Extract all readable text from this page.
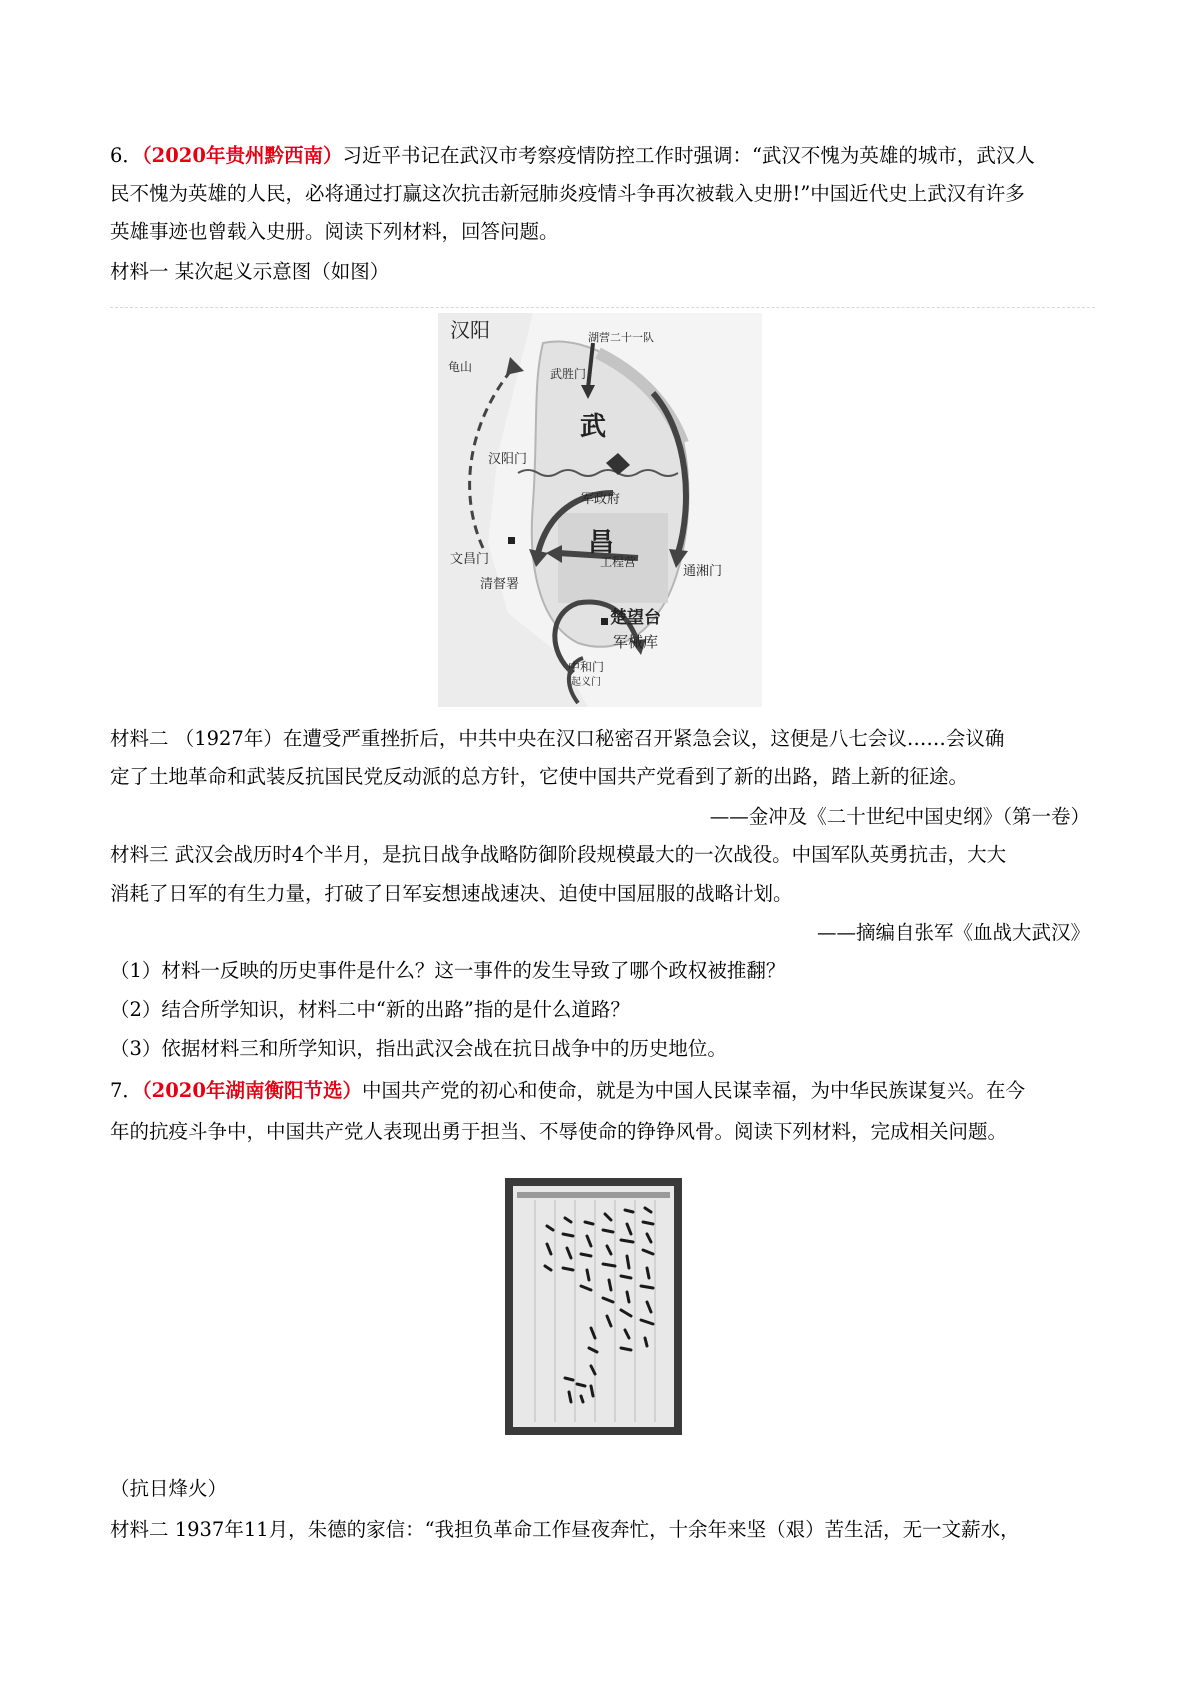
6．（2020年贵州黔西南）习近平书记在武汉市考察疫情防控工作时强调：“武汉不愧为英雄的城市，武汉人
民不愧为英雄的人民，必将通过打赢这次抗击新冠肺炎疫情斗争再次被载入史册!”中国近代史上武汉有许多
英雄事迹也曾载入史册。阅读下列材料，回答问题。
材料一 某次起义示意图（如图）
汉阳
龟山
湖营二十一队
武胜门
武
汉阳门
军政府
昌
文昌门	工程营
通湘门
清督署
楚望台
军械库
中和门
起义门
材料二 （1927年）在遭受严重挫折后，中共中央在汉口秘密召开紧急会议，这便是八七会议……会议确
定了土地革命和武装反抗国民党反动派的总方针，它使中国共产党看到了新的出路，踏上新的征途。
——金冲及《二十世纪中国史纲》（第一卷）
材料三 武汉会战历时4个半月，是抗日战争战略防御阶段规模最大的一次战役。中国军队英勇抗击，大大
消耗了日军的有生力量，打破了日军妄想速战速决、迫使中国屈服的战略计划。
——摘编自张军《血战大武汉》
（1）材料一反映的历史事件是什么？这一事件的发生导致了哪个政权被推翻？
（2）结合所学知识，材料二中“新的出路”指的是什么道路？
（3）依据材料三和所学知识，指出武汉会战在抗日战争中的历史地位。
7．（2020年湖南衡阳节选）中国共产党的初心和使命，就是为中国人民谋幸福，为中华民族谋复兴。在今
年的抗疫斗争中，中国共产党人表现出勇于担当、不辱使命的铮铮风骨。阅读下列材料，完成相关问题。
（抗日烽火）
材料二 1937年11月，朱德的家信：“我担负革命工作昼夜奔忙，十余年来坚（艰）苦生活，无一文薪水，
